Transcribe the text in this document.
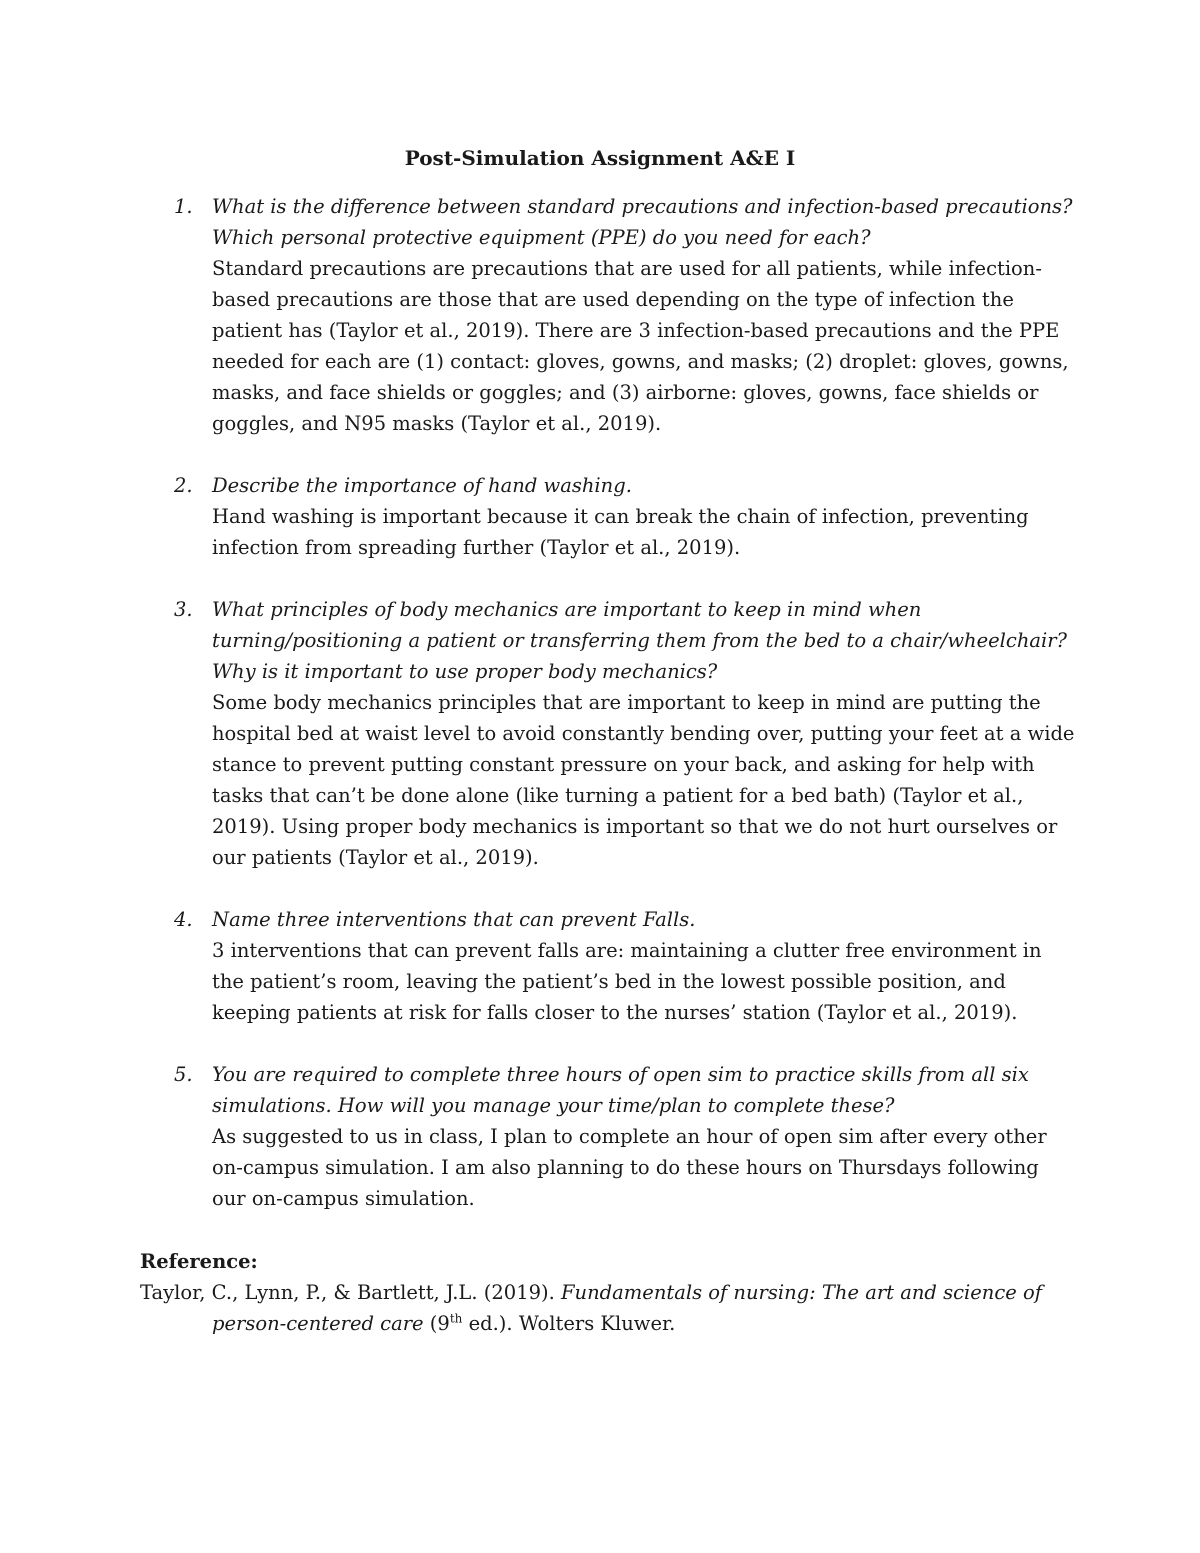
Post-Simulation Assignment A&E I
1. What is the difference between standard precautions and infection-based precautions? Which personal protective equipment (PPE) do you need for each?
Standard precautions are precautions that are used for all patients, while infection-based precautions are those that are used depending on the type of infection the patient has (Taylor et al., 2019). There are 3 infection-based precautions and the PPE needed for each are (1) contact: gloves, gowns, and masks; (2) droplet: gloves, gowns, masks, and face shields or goggles; and (3) airborne: gloves, gowns, face shields or goggles, and N95 masks (Taylor et al., 2019).
2. Describe the importance of hand washing.
Hand washing is important because it can break the chain of infection, preventing infection from spreading further (Taylor et al., 2019).
3. What principles of body mechanics are important to keep in mind when turning/positioning a patient or transferring them from the bed to a chair/wheelchair? Why is it important to use proper body mechanics?
Some body mechanics principles that are important to keep in mind are putting the hospital bed at waist level to avoid constantly bending over, putting your feet at a wide stance to prevent putting constant pressure on your back, and asking for help with tasks that can’t be done alone (like turning a patient for a bed bath) (Taylor et al., 2019). Using proper body mechanics is important so that we do not hurt ourselves or our patients (Taylor et al., 2019).
4. Name three interventions that can prevent Falls.
3 interventions that can prevent falls are: maintaining a clutter free environment in the patient’s room, leaving the patient’s bed in the lowest possible position, and keeping patients at risk for falls closer to the nurses’ station (Taylor et al., 2019).
5. You are required to complete three hours of open sim to practice skills from all six simulations. How will you manage your time/plan to complete these?
As suggested to us in class, I plan to complete an hour of open sim after every other on-campus simulation. I am also planning to do these hours on Thursdays following our on-campus simulation.
Reference:
Taylor, C., Lynn, P., & Bartlett, J.L. (2019). Fundamentals of nursing: The art and science of person-centered care (9th ed.). Wolters Kluwer.
